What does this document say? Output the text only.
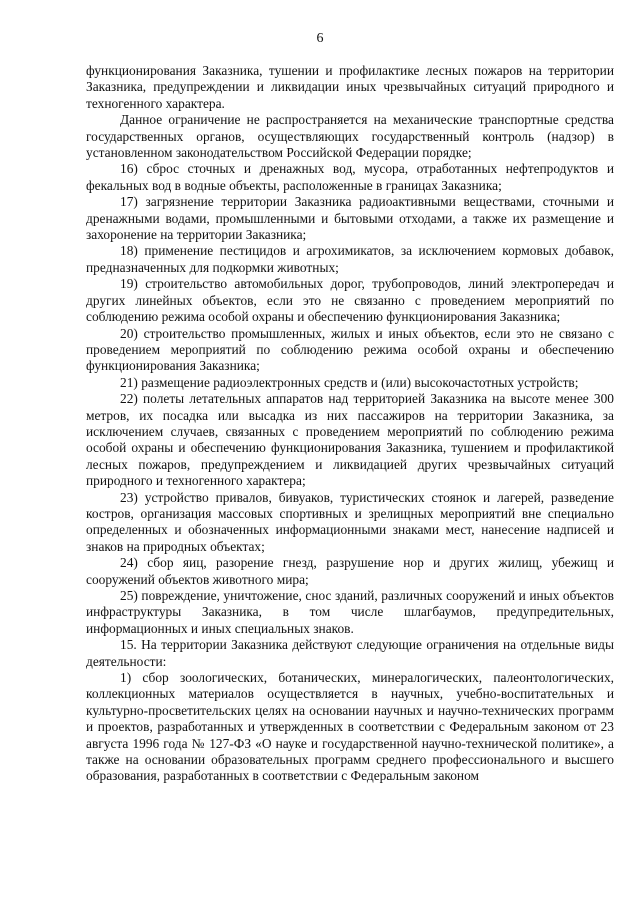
6

функционирования Заказника, тушении и профилактике лесных пожаров на территории Заказника, предупреждении и ликвидации иных чрезвычайных ситуаций природного и техногенного характера.

Данное ограничение не распространяется на механические транспортные средства государственных органов, осуществляющих государственный контроль (надзор) в установленном законодательством Российской Федерации порядке;

16) сброс сточных и дренажных вод, мусора, отработанных нефтепродуктов и фекальных вод в водные объекты, расположенные в границах Заказника;

17) загрязнение территории Заказника радиоактивными веществами, сточными и дренажными водами, промышленными и бытовыми отходами, а также их размещение и захоронение на территории Заказника;

18) применение пестицидов и агрохимикатов, за исключением кормовых добавок, предназначенных для подкормки животных;

19) строительство автомобильных дорог, трубопроводов, линий электропередач и других линейных объектов, если это не связанно с проведением мероприятий по соблюдению режима особой охраны и обеспечению функционирования Заказника;

20) строительство промышленных, жилых и иных объектов, если это не связано с проведением мероприятий по соблюдению режима особой охраны и обеспечению функционирования Заказника;

21) размещение радиоэлектронных средств и (или) высокочастотных устройств;

22) полеты летательных аппаратов над территорией Заказника на высоте менее 300 метров, их посадка или высадка из них пассажиров на территории Заказника, за исключением случаев, связанных с проведением мероприятий по соблюдению режима особой охраны и обеспечению функционирования Заказника, тушением и профилактикой лесных пожаров, предупреждением и ликвидацией других чрезвычайных ситуаций природного и техногенного характера;

23) устройство привалов, бивуаков, туристических стоянок и лагерей, разведение костров, организация массовых спортивных и зрелищных мероприятий вне специально определенных и обозначенных информационными знаками мест, нанесение надписей и знаков на природных объектах;

24) сбор яиц, разорение гнезд, разрушение нор и других жилищ, убежищ и сооружений объектов животного мира;

25) повреждение, уничтожение, снос зданий, различных сооружений и иных объектов инфраструктуры Заказника, в том числе шлагбаумов, предупредительных, информационных и иных специальных знаков.

15. На территории Заказника действуют следующие ограничения на отдельные виды деятельности:

1) сбор зоологических, ботанических, минералогических, палеонтологических, коллекционных материалов осуществляется в научных, учебно-воспитательных и культурно-просветительских целях на основании научных и научно-технических программ и проектов, разработанных и утвержденных в соответствии с Федеральным законом от 23 августа 1996 года № 127-ФЗ «О науке и государственной научно-технической политике», а также на основании образовательных программ среднего профессионального и высшего образования, разработанных в соответствии с Федеральным законом
